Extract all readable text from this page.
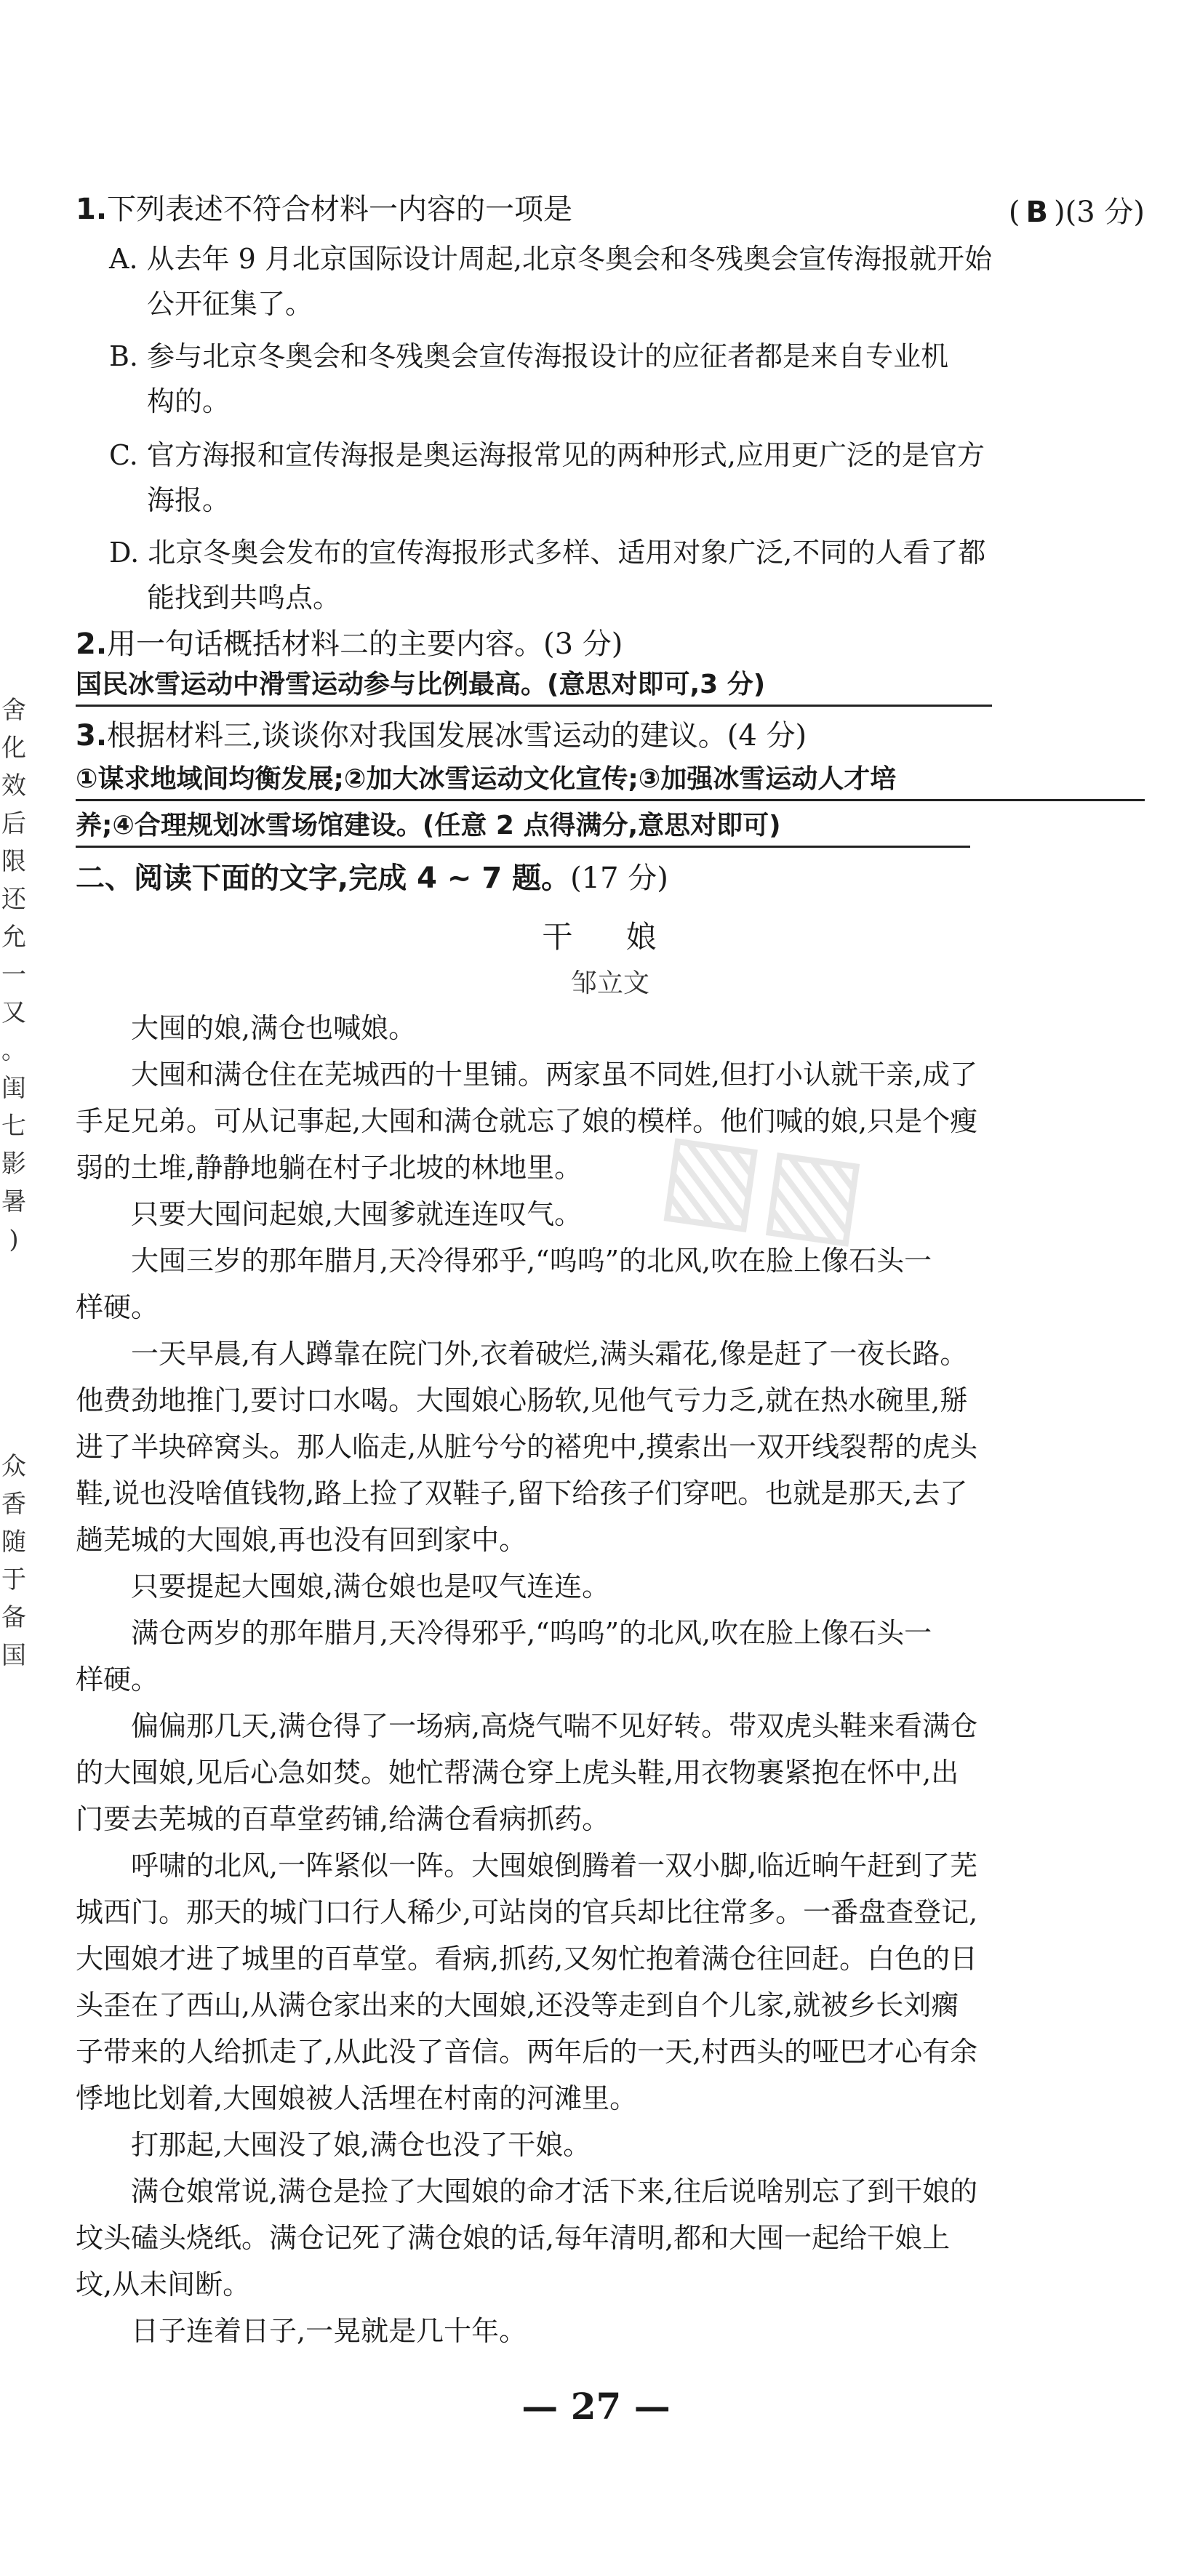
舍
化
效
后
限
还
允
一
又
。
闺
七
影
暑
)
众
香
随
于
备
国
▧▧
1.下列表述不符合材料一内容的一项是	( B )(3 分)
A. 从去年 9 月北京国际设计周起,北京冬奥会和冬残奥会宣传海报就开始
公开征集了。
B. 参与北京冬奥会和冬残奥会宣传海报设计的应征者都是来自专业机
构的。
C. 官方海报和宣传海报是奥运海报常见的两种形式,应用更广泛的是官方
海报。
D. 北京冬奥会发布的宣传海报形式多样、适用对象广泛,不同的人看了都
能找到共鸣点。
2.用一句话概括材料二的主要内容。(3 分)
国民冰雪运动中滑雪运动参与比例最高。(意思对即可,3 分)
3.根据材料三,谈谈你对我国发展冰雪运动的建议。(4 分)
①谋求地域间均衡发展;②加大冰雪运动文化宣传;③加强冰雪运动人才培
养;④合理规划冰雪场馆建设。(任意 2 点得满分,意思对即可)
二、阅读下面的文字,完成 4 ~ 7 题。(17 分)
干 娘
邹立文
大囤的娘,满仓也喊娘。
大囤和满仓住在芜城西的十里铺。两家虽不同姓,但打小认就干亲,成了
手足兄弟。可从记事起,大囤和满仓就忘了娘的模样。他们喊的娘,只是个瘦
弱的土堆,静静地躺在村子北坡的林地里。
只要大囤问起娘,大囤爹就连连叹气。
大囤三岁的那年腊月,天冷得邪乎,“呜呜”的北风,吹在脸上像石头一
样硬。
一天早晨,有人蹲靠在院门外,衣着破烂,满头霜花,像是赶了一夜长路。
他费劲地推门,要讨口水喝。大囤娘心肠软,见他气亏力乏,就在热水碗里,掰
进了半块碎窝头。那人临走,从脏兮兮的褡兜中,摸索出一双开线裂帮的虎头
鞋,说也没啥值钱物,路上捡了双鞋子,留下给孩子们穿吧。也就是那天,去了
趟芜城的大囤娘,再也没有回到家中。
只要提起大囤娘,满仓娘也是叹气连连。
满仓两岁的那年腊月,天冷得邪乎,“呜呜”的北风,吹在脸上像石头一
样硬。
偏偏那几天,满仓得了一场病,高烧气喘不见好转。带双虎头鞋来看满仓
的大囤娘,见后心急如焚。她忙帮满仓穿上虎头鞋,用衣物裹紧抱在怀中,出
门要去芜城的百草堂药铺,给满仓看病抓药。
呼啸的北风,一阵紧似一阵。大囤娘倒腾着一双小脚,临近晌午赶到了芜
城西门。那天的城门口行人稀少,可站岗的官兵却比往常多。一番盘查登记,
大囤娘才进了城里的百草堂。看病,抓药,又匆忙抱着满仓往回赶。白色的日
头歪在了西山,从满仓家出来的大囤娘,还没等走到自个儿家,就被乡长刘瘸
子带来的人给抓走了,从此没了音信。两年后的一天,村西头的哑巴才心有余
悸地比划着,大囤娘被人活埋在村南的河滩里。
打那起,大囤没了娘,满仓也没了干娘。
满仓娘常说,满仓是捡了大囤娘的命才活下来,往后说啥别忘了到干娘的
坟头磕头烧纸。满仓记死了满仓娘的话,每年清明,都和大囤一起给干娘上
坟,从未间断。
日子连着日子,一晃就是几十年。
— 27 —
